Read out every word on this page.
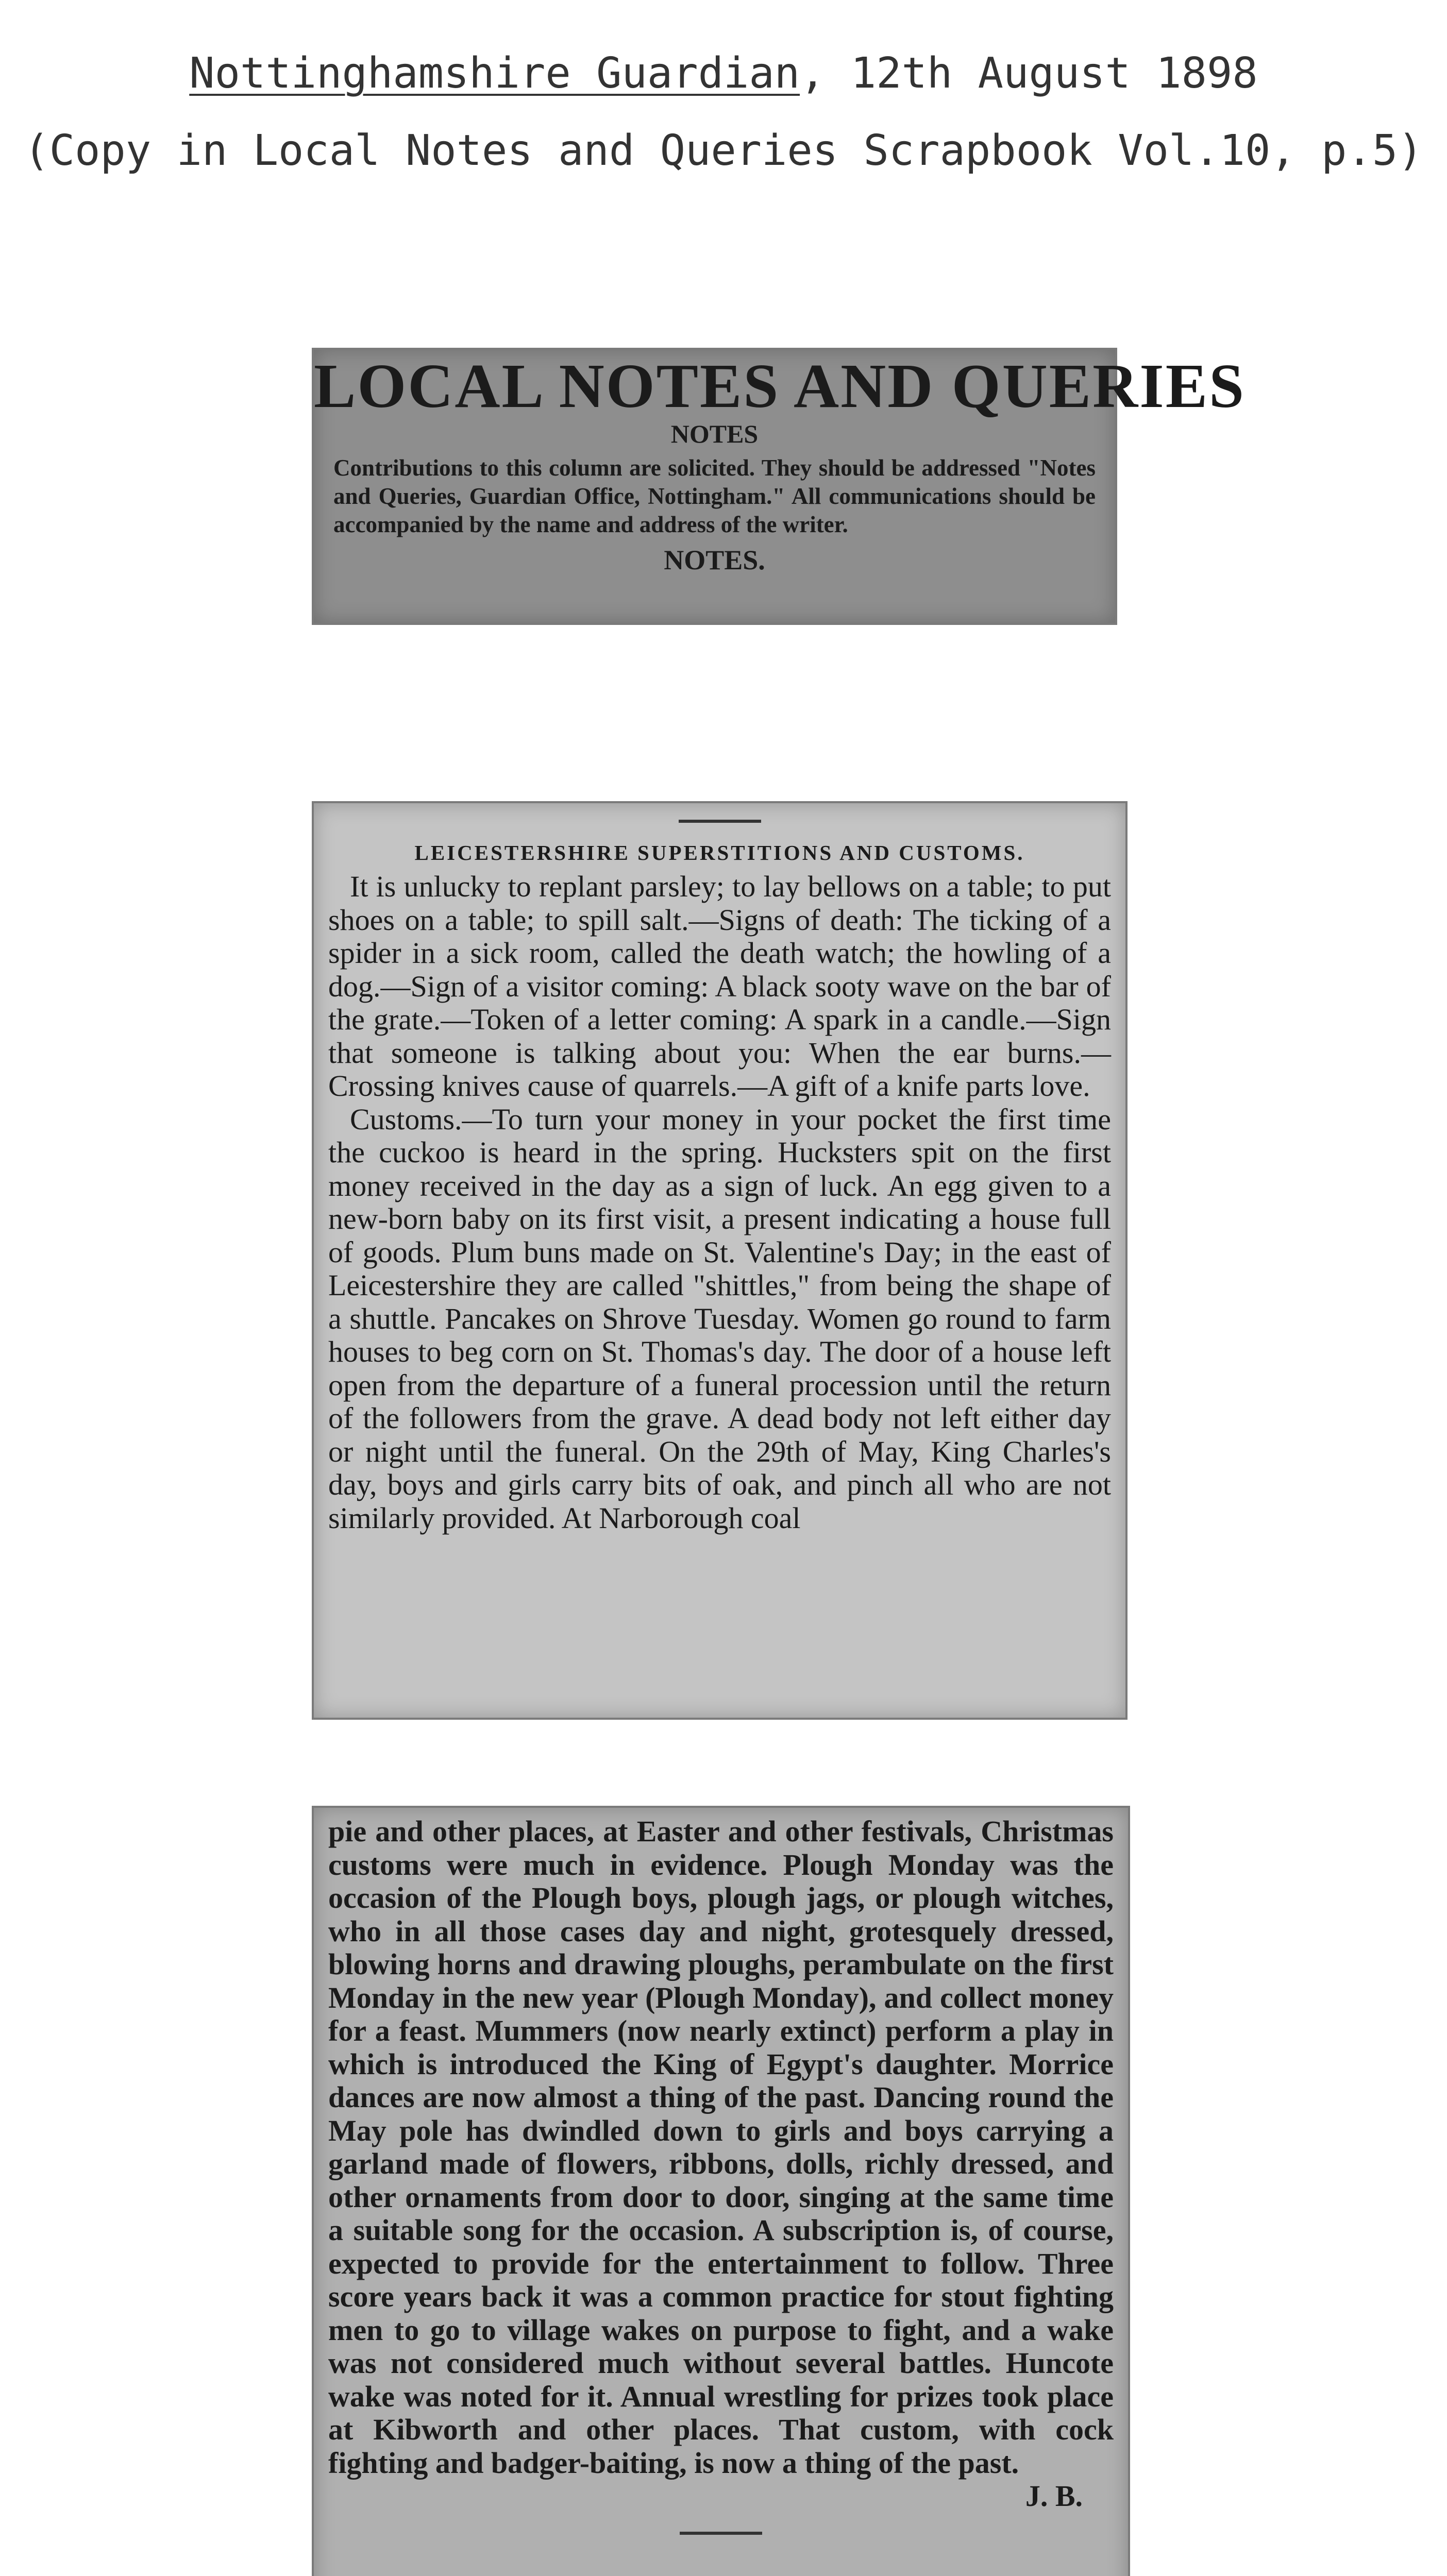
Nottinghamshire Guardian, 12th August 1898
(Copy in Local Notes and Queries Scrapbook Vol.10, p.5)
LOCAL NOTES AND QUERIES
NOTES
Contributions to this column are solicited. They should be addressed "Notes and Queries, Guardian Office, Nottingham." All communications should be accompanied by the name and address of the writer.
NOTES.
LEICESTERSHIRE SUPERSTITIONS AND CUSTOMS.

It is unlucky to replant parsley; to lay bellows on a table; to put shoes on a table; to spill salt.—Signs of death: The ticking of a spider in a sick room, called the death watch; the howling of a dog.—Sign of a visitor coming: A black sooty wave on the bar of the grate.—Token of a letter coming: A spark in a candle.—Sign that someone is talking about you: When the ear burns.—Crossing knives cause of quarrels.—A gift of a knife parts love.

Customs.—To turn your money in your pocket the first time the cuckoo is heard in the spring. Hucksters spit on the first money received in the day as a sign of luck. An egg given to a new-born baby on its first visit, a present indicating a house full of goods. Plum buns made on St. Valentine's Day; in the east of Leicestershire they are called "shittles," from being the shape of a shuttle. Pancakes on Shrove Tuesday. Women go round to farm houses to beg corn on St. Thomas's day. The door of a house left open from the departure of a funeral procession until the return of the followers from the grave. A dead body not left either day or night until the funeral. On the 29th of May, King Charles's day, boys and girls carry bits of oak, and pinch all who are not similarly provided. At Narborough coal

pie and other places, at Easter and other festivals, Christmas customs were much in evidence. Plough Monday was the occasion of the Plough boys, plough jags, or plough witches, who in all those cases day and night, grotesquely dressed, blowing horns and drawing ploughs, perambulate on the first Monday in the new year (Plough Monday), and collect money for a feast. Mummers (now nearly extinct) perform a play in which is introduced the King of Egypt's daughter. Morrice dances are now almost a thing of the past. Dancing round the May pole has dwindled down to girls and boys carrying a garland made of flowers, ribbons, dolls, richly dressed, and other ornaments from door to door, singing at the same time a suitable song for the occasion. A subscription is, of course, expected to provide for the entertainment to follow. Three score years back it was a common practice for stout fighting men to go to village wakes on purpose to fight, and a wake was not considered much without several battles. Huncote wake was noted for it. Annual wrestling for prizes took place at Kibworth and other places. That custom, with cock fighting and badger-baiting, is now a thing of the past.

J. B.
